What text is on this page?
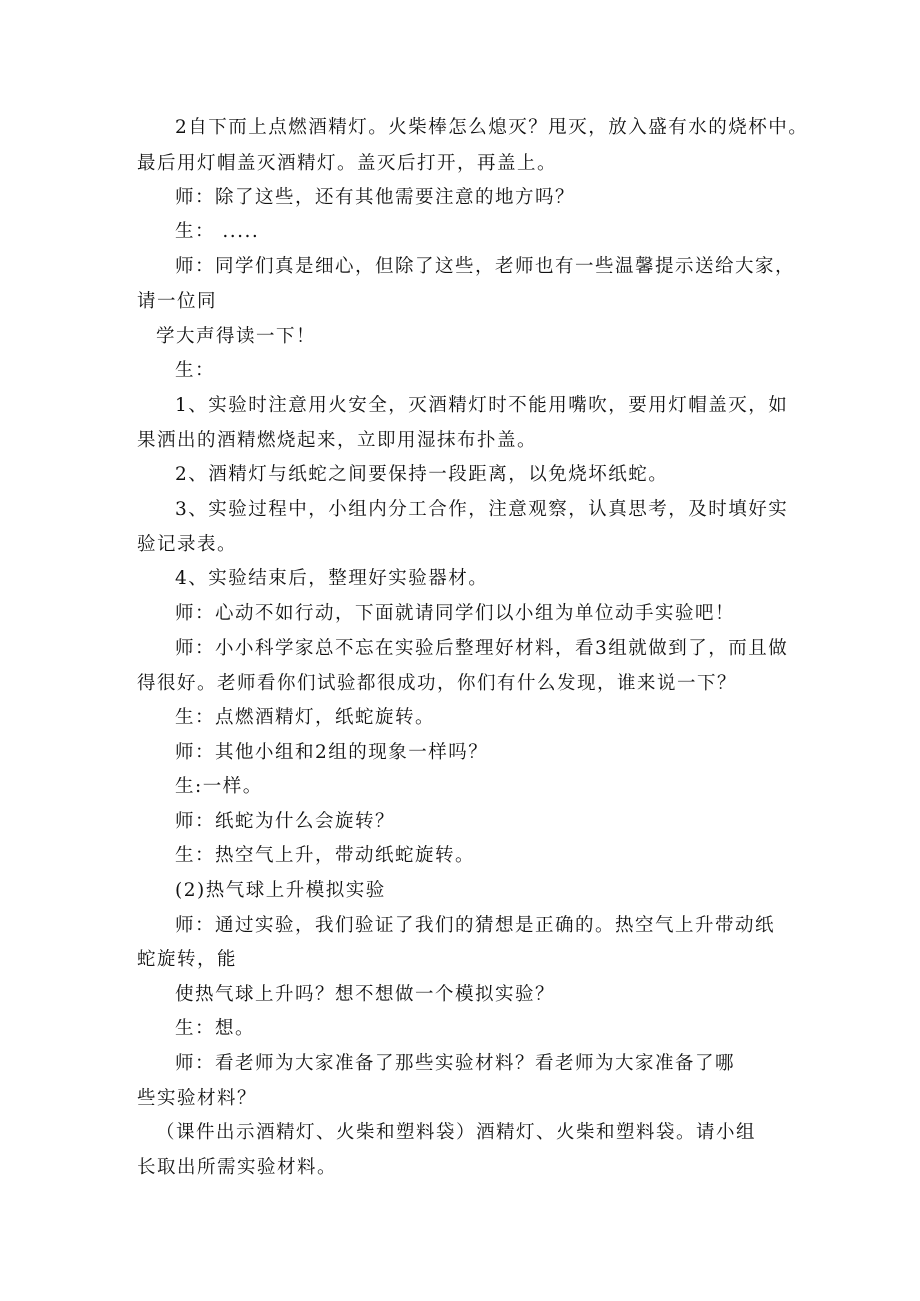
2自下而上点燃酒精灯。火柴棒怎么熄灭？甩灭，放入盛有水的烧杯中。
最后用灯帽盖灭酒精灯。盖灭后打开，再盖上。
师：除了这些，还有其他需要注意的地方吗？
生： .....
师：同学们真是细心，但除了这些，老师也有一些温馨提示送给大家，
请一位同
学大声得读一下！
生：
1、实验时注意用火安全，灭酒精灯时不能用嘴吹，要用灯帽盖灭，如
果洒出的酒精燃烧起来，立即用湿抹布扑盖。
2、酒精灯与纸蛇之间要保持一段距离，以免烧坏纸蛇。
3、实验过程中，小组内分工合作，注意观察，认真思考，及时填好实
验记录表。
4、实验结束后，整理好实验器材。
师：心动不如行动，下面就请同学们以小组为单位动手实验吧！
师：小小科学家总不忘在实验后整理好材料，看3组就做到了，而且做
得很好。老师看你们试验都很成功，你们有什么发现，谁来说一下？
生：点燃酒精灯，纸蛇旋转。
师：其他小组和2组的现象一样吗？
生:一样。
师：纸蛇为什么会旋转？
生：热空气上升，带动纸蛇旋转。
(2)热气球上升模拟实验
师：通过实验，我们验证了我们的猜想是正确的。热空气上升带动纸
蛇旋转，能
使热气球上升吗？想不想做一个模拟实验？
生：想。
师：看老师为大家准备了那些实验材料？看老师为大家准备了哪
些实验材料？
（课件出示酒精灯、火柴和塑料袋）酒精灯、火柴和塑料袋。请小组
长取出所需实验材料。
